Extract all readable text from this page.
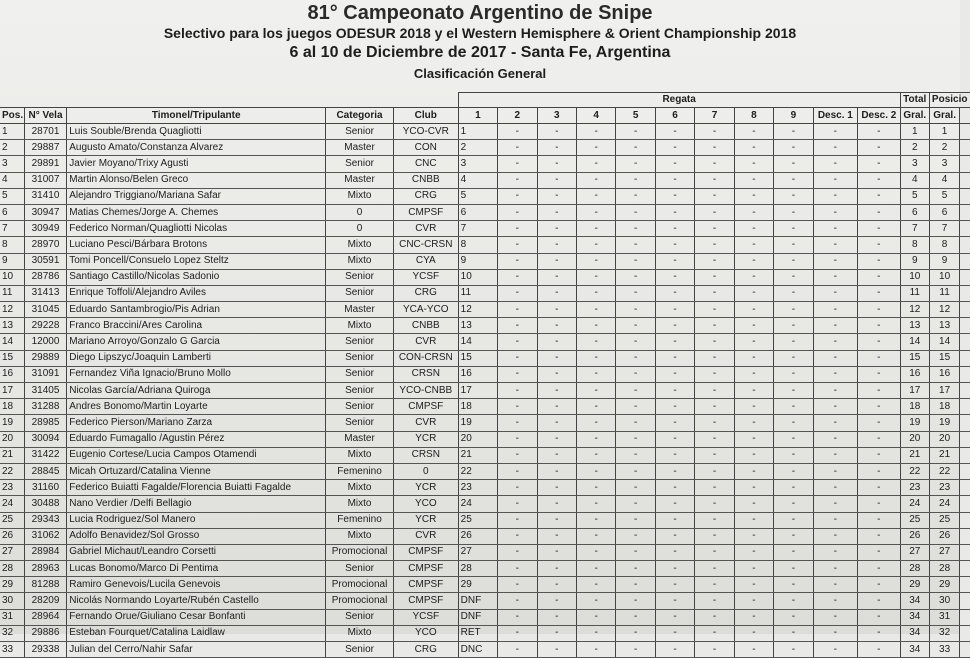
81° Campeonato Argentino de Snipe
Selectivo para los juegos ODESUR 2018 y el Western Hemisphere & Orient Championship 2018
6 al 10 de Diciembre de 2017 - Santa Fe, Argentina
Clasificación General
					Regata											Total	Posicio	
Pos.	N° Vela	Timonel/Tripulante	Categoria	Club	1	2	3	4	5	6	7	8	9	Desc. 1	Desc. 2	Gral.	Gral.	
1	28701	Luis Souble/Brenda Quagliotti	Senior	YCO-CVR	1	-	-	-	-	-	-	-	-	-	-	1	1	
2	29887	Augusto Amato/Constanza Alvarez	Master	CON	2	-	-	-	-	-	-	-	-	-	-	2	2	
3	29891	Javier Moyano/Trixy Agusti	Senior	CNC	3	-	-	-	-	-	-	-	-	-	-	3	3	
4	31007	Martin Alonso/Belen Greco	Master	CNBB	4	-	-	-	-	-	-	-	-	-	-	4	4	
5	31410	Alejandro Triggiano/Mariana Safar	Mixto	CRG	5	-	-	-	-	-	-	-	-	-	-	5	5	
6	30947	Matias Chemes/Jorge A. Chemes	0	CMPSF	6	-	-	-	-	-	-	-	-	-	-	6	6	
7	30949	Federico Norman/Quagliotti Nicolas	0	CVR	7	-	-	-	-	-	-	-	-	-	-	7	7	
8	28970	Luciano Pesci/Bárbara Brotons	Mixto	CNC-CRSN	8	-	-	-	-	-	-	-	-	-	-	8	8	
9	30591	Tomi Poncell/Consuelo Lopez Steltz	Mixto	CYA	9	-	-	-	-	-	-	-	-	-	-	9	9	
10	28786	Santiago Castillo/Nicolas Sadonio	Senior	YCSF	10	-	-	-	-	-	-	-	-	-	-	10	10	
11	31413	Enrique Toffoli/Alejandro Aviles	Senior	CRG	11	-	-	-	-	-	-	-	-	-	-	11	11	
12	31045	Eduardo Santambrogio/Pis Adrian	Master	YCA-YCO	12	-	-	-	-	-	-	-	-	-	-	12	12	
13	29228	Franco Braccini/Ares Carolina	Mixto	CNBB	13	-	-	-	-	-	-	-	-	-	-	13	13	
14	12000	Mariano Arroyo/Gonzalo G Garcia	Senior	CVR	14	-	-	-	-	-	-	-	-	-	-	14	14	
15	29889	Diego Lipszyc/Joaquin Lamberti	Senior	CON-CRSN	15	-	-	-	-	-	-	-	-	-	-	15	15	
16	31091	Fernandez Viña Ignacio/Bruno Mollo	Senior	CRSN	16	-	-	-	-	-	-	-	-	-	-	16	16	
17	31405	Nicolas García/Adriana Quiroga	Senior	YCO-CNBB	17	-	-	-	-	-	-	-	-	-	-	17	17	
18	31288	Andres Bonomo/Martin Loyarte	Senior	CMPSF	18	-	-	-	-	-	-	-	-	-	-	18	18	
19	28985	Federico Pierson/Mariano Zarza	Senior	CVR	19	-	-	-	-	-	-	-	-	-	-	19	19	
20	30094	Eduardo Fumagallo /Agustin Pérez	Master	YCR	20	-	-	-	-	-	-	-	-	-	-	20	20	
21	31422	Eugenio Cortese/Lucia Campos Otamendi	Mixto	CRSN	21	-	-	-	-	-	-	-	-	-	-	21	21	
22	28845	Micah Ortuzard/Catalina Vienne	Femenino	0	22	-	-	-	-	-	-	-	-	-	-	22	22	
23	31160	Federico Buiatti Fagalde/Florencia Buiatti Fagalde	Mixto	YCR	23	-	-	-	-	-	-	-	-	-	-	23	23	
24	30488	Nano Verdier /Delfi Bellagio	Mixto	YCO	24	-	-	-	-	-	-	-	-	-	-	24	24	
25	29343	Lucia Rodriguez/Sol Manero	Femenino	YCR	25	-	-	-	-	-	-	-	-	-	-	25	25	
26	31062	Adolfo Benavidez/Sol Grosso	Mixto	CVR	26	-	-	-	-	-	-	-	-	-	-	26	26	
27	28984	Gabriel Michaut/Leandro Corsetti	Promocional	CMPSF	27	-	-	-	-	-	-	-	-	-	-	27	27	
28	28963	Lucas Bonomo/Marco Di Pentima	Senior	CMPSF	28	-	-	-	-	-	-	-	-	-	-	28	28	
29	81288	Ramiro Genevois/Lucila Genevois	Promocional	CMPSF	29	-	-	-	-	-	-	-	-	-	-	29	29	
30	28209	Nicolás Normando Loyarte/Rubén Castello	Promocional	CMPSF	DNF	-	-	-	-	-	-	-	-	-	-	34	30	
31	28964	Fernando Orue/Giuliano Cesar Bonfanti	Senior	YCSF	DNF	-	-	-	-	-	-	-	-	-	-	34	31	
32	29886	Esteban Fourquet/Catalina Laidlaw	Mixto	YCO	RET	-	-	-	-	-	-	-	-	-	-	34	32	
33	29338	Julian del Cerro/Nahir Safar	Senior	CRG	DNC	-	-	-	-	-	-	-	-	-	-	34	33	
